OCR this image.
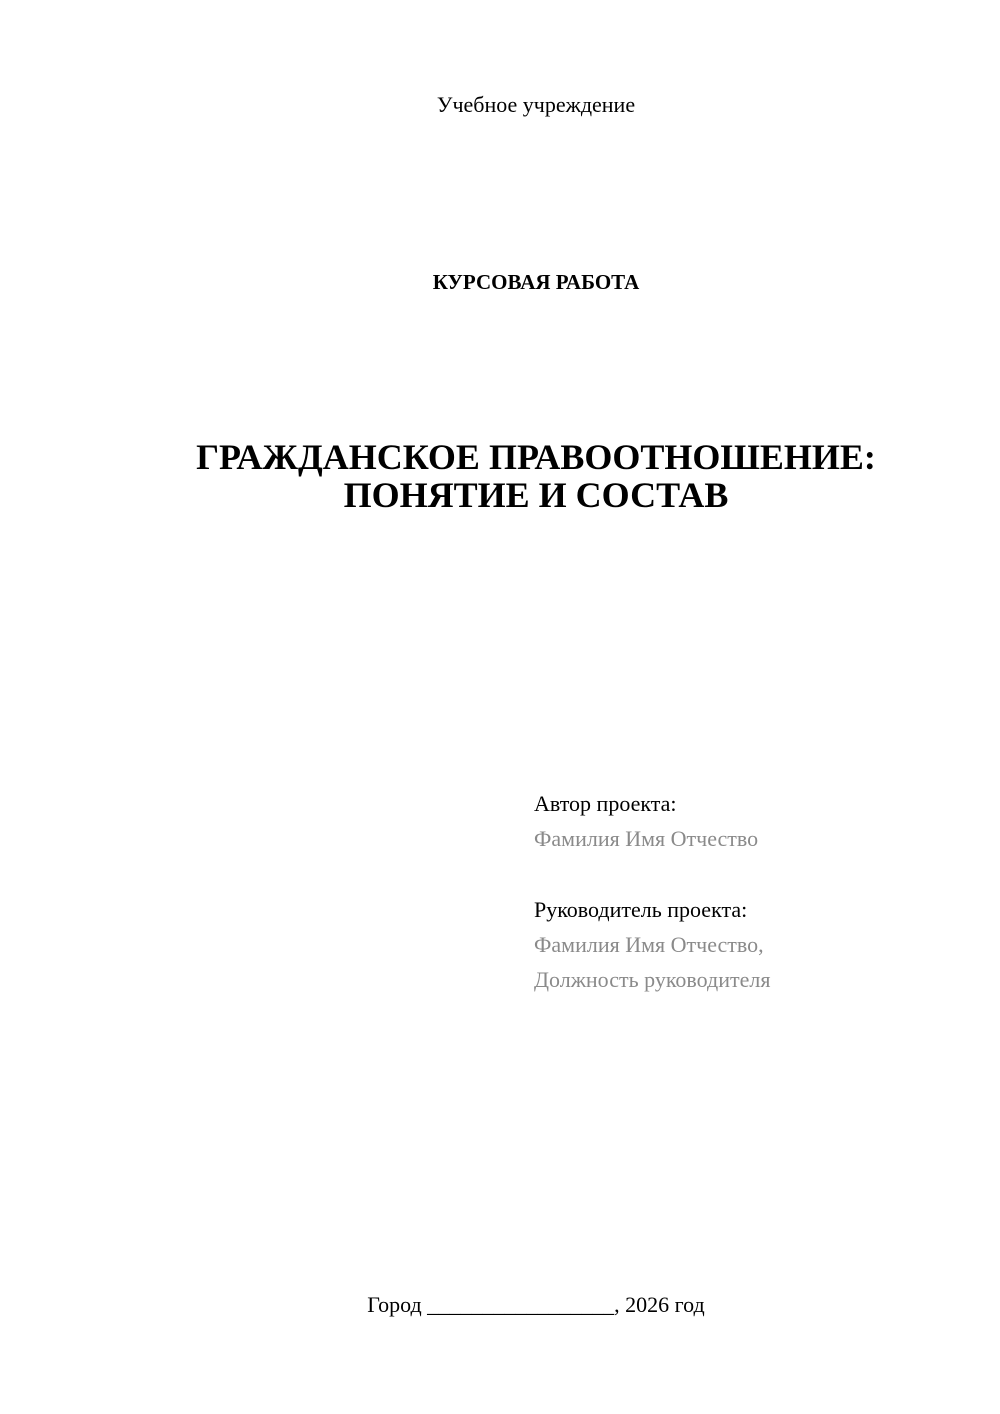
Учебное учреждение
КУРСОВАЯ РАБОТА
ГРАЖДАНСКОЕ ПРАВООТНОШЕНИЕ:
ПОНЯТИЕ И СОСТАВ
Автор проекта:
Фамилия Имя Отчество
Руководитель проекта:
Фамилия Имя Отчество,
Должность руководителя
Город _________________, 2026 год
